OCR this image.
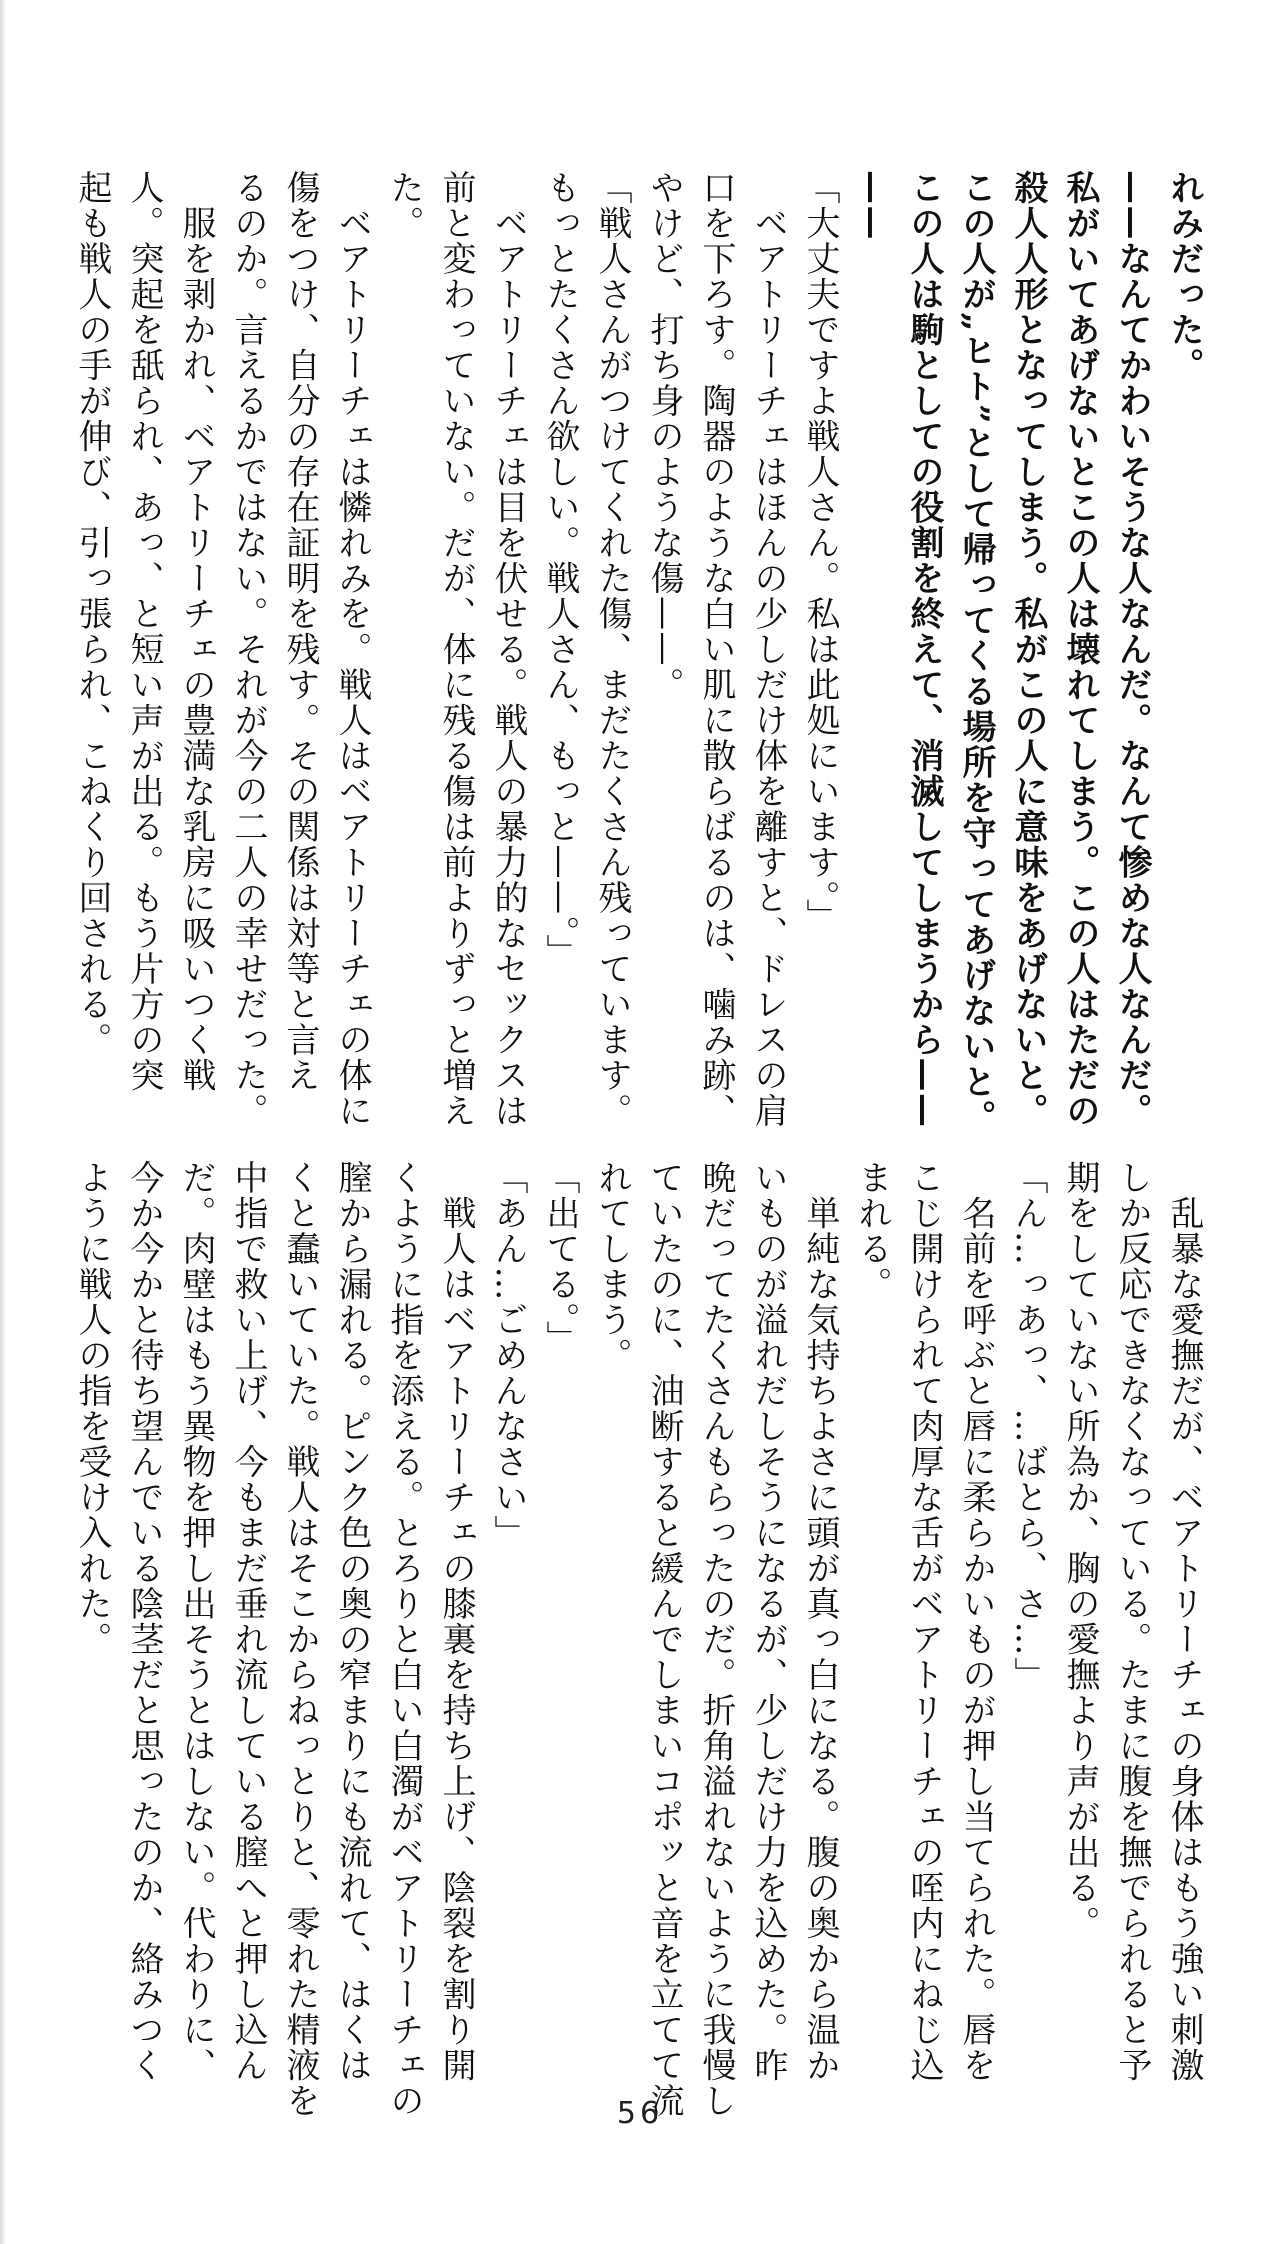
れみだった。
——なんてかわいそうな人なんだ。なんて惨めな人なんだ。
私がいてあげないとこの人は壊れてしまう。この人はただの
殺人人形となってしまう。私がこの人に意味をあげないと。
この人が„ヒト”として帰ってくる場所を守ってあげないと。
この人は駒としての役割を終えて、消滅してしまうから——
——
「大丈夫ですよ戦人さん。私は此処にいます。」
　ベアトリーチェはほんの少しだけ体を離すと、ドレスの肩
口を下ろす。陶器のような白い肌に散らばるのは、噛み跡、
やけど、打ち身のような傷——。
「戦人さんがつけてくれた傷、まだたくさん残っています。
もっとたくさん欲しい。戦人さん、もっと——。」
　ベアトリーチェは目を伏せる。戦人の暴力的なセックスは
前と変わっていない。だが、体に残る傷は前よりずっと増え
た。
　ベアトリーチェは憐れみを。戦人はベアトリーチェの体に
傷をつけ、自分の存在証明を残す。その関係は対等と言え
るのか。言えるかではない。それが今の二人の幸せだった。
　服を剥かれ、ベアトリーチェの豊満な乳房に吸いつく戦
人。突起を舐られ、あっ、と短い声が出る。もう片方の突
起も戦人の手が伸び、引っ張られ、こねくり回される。
　乱暴な愛撫だが、ベアトリーチェの身体はもう強い刺激
しか反応できなくなっている。たまに腹を撫でられると予
期をしていない所為か、胸の愛撫より声が出る。
「ん…っあっ、…ばとら、さ…」
　名前を呼ぶと唇に柔らかいものが押し当てられた。唇を
こじ開けられて肉厚な舌がベアトリーチェの咥内にねじ込
まれる。
　単純な気持ちよさに頭が真っ白になる。腹の奥から温か
いものが溢れだしそうになるが、少しだけ力を込めた。昨
晩だってたくさんもらったのだ。折角溢れないように我慢し
ていたのに、油断すると緩んでしまいコポッと音を立てて流
れてしまう。
「出てる。」
「あん…ごめんなさい」
　戦人はベアトリーチェの膝裏を持ち上げ、陰裂を割り開
くように指を添える。とろりと白い白濁がベアトリーチェの
膣から漏れる。ピンク色の奥の窄まりにも流れて、はくは
くと蠢いていた。戦人はそこからねっとりと、零れた精液を
中指で救い上げ、今もまだ垂れ流している膣へと押し込ん
だ。肉壁はもう異物を押し出そうとはしない。代わりに、
今か今かと待ち望んでいる陰茎だと思ったのか、絡みつく
ように戦人の指を受け入れた。
56
